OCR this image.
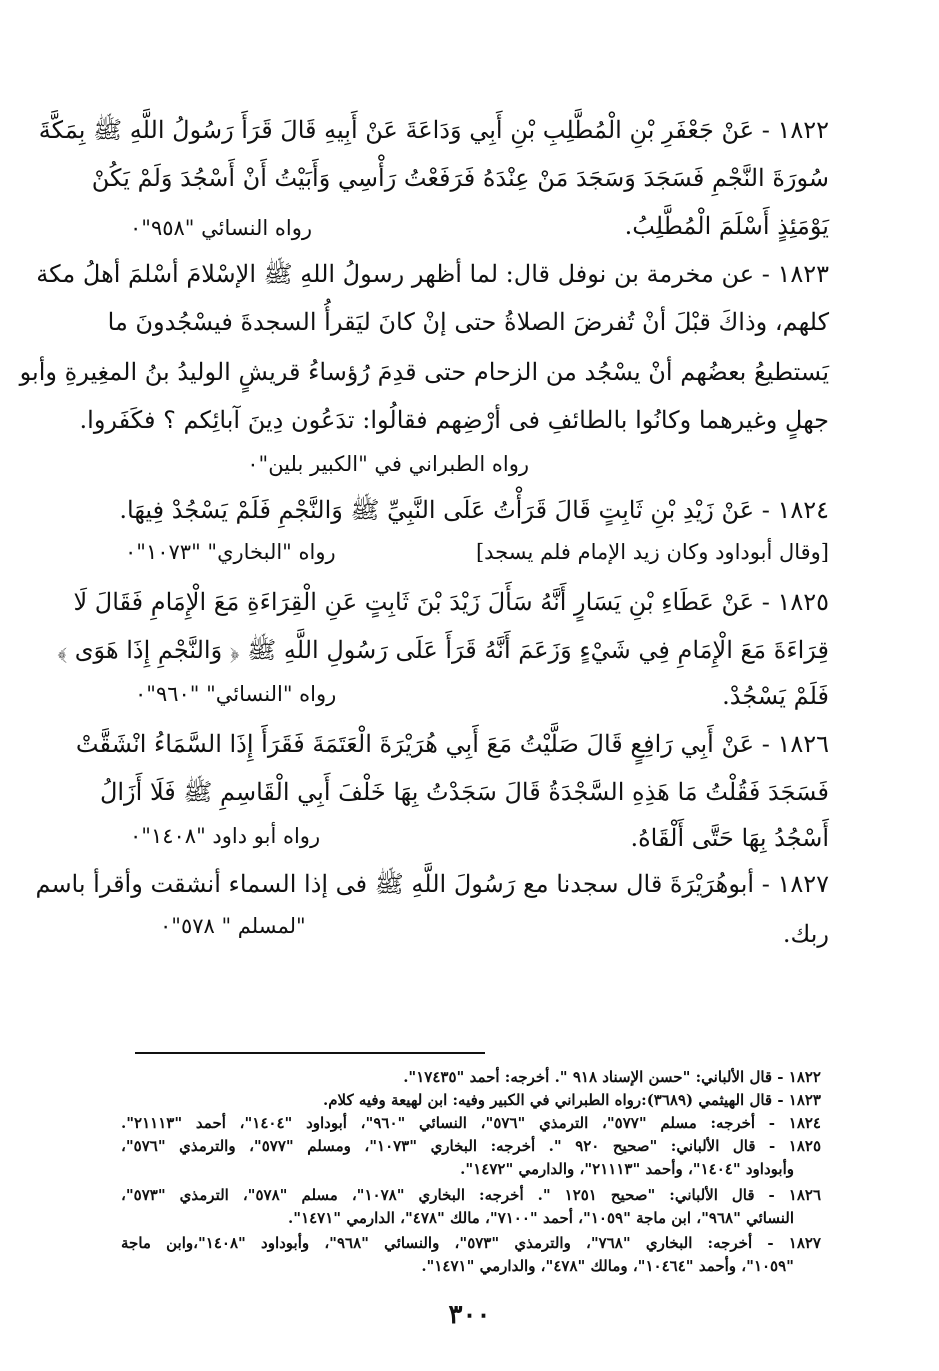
١٨٢٢ - عَنْ جَعْفَرِ بْنِ الْمُطَّلِبِ بْنِ أَبِي وَدَاعَةَ عَنْ أَبِيهِ قَالَ قَرَأَ رَسُولُ اللَّهِ ﷺ بِمَكَّةَ
سُورَةَ النَّجْمِ فَسَجَدَ وَسَجَدَ مَنْ عِنْدَهُ فَرَفَعْتُ رَأْسِي وَأَبَيْتُ أَنْ أَسْجُدَ وَلَمْ يَكُنْ
يَوْمَئِذٍ أَسْلَمَ الْمُطَّلِبُ.
رواه النسائي "٩٥٨"٠
١٨٢٣ - عن مخرمة بن نوفل قال: لما أظهر رسولُ اللهِ ﷺ الإسْلامَ أسْلمَ أهلُ مكة
كلهم، وذاكَ قبْلَ أنْ تُفرضَ الصلاةُ حتى إنْ كانَ ليَقرأُ السجدةَ فيسْجُدونَ ما
يَستطيعُ بعضُهم أنْ يسْجُد من الزحام حتى قدِمَ رُؤساءُ قريشٍ الوليدُ بنُ المغِيرةِ وأبو
جهلٍ وغيرهما وكانُوا بالطائفِ فى أرْضِهم فقالُوا: تدَعُون دِينَ آبائِكم ؟ فكَفَروا.
رواه الطبراني في "الكبير بلين"٠
١٨٢٤ - عَنْ زَيْدِ بْنِ ثَابِتٍ قَالَ قَرَأْتُ عَلَى النَّبِيِّ ﷺ وَالنَّجْمِ فَلَمْ يَسْجُدْ فِيهَا.
[وقال أبوداود وكان زيد الإمام فلم يسجد]
رواه "البخاري" "١٠٧٣"٠
١٨٢٥ - عَنْ عَطَاءِ بْنِ يَسَارٍ أَنَّهُ سَأَلَ زَيْدَ بْنَ ثَابِتٍ عَنِ الْقِرَاءَةِ مَعَ الْإِمَامِ فَقَالَ لَا
قِرَاءَةَ مَعَ الْإِمَامِ فِي شَيْءٍ وَزَعَمَ أَنَّهُ قَرَأَ عَلَى رَسُولِ اللَّهِ ﷺ ﴿ وَالنَّجْمِ إِذَا هَوَى ﴾
فَلَمْ يَسْجُدْ.
رواه "النسائي" "٩٦٠"٠
١٨٢٦ - عَنْ أَبِي رَافِعٍ قَالَ صَلَّيْتُ مَعَ أَبِي هُرَيْرَةَ الْعَتَمَةَ فَقَرَأَ إِذَا السَّمَاءُ انْشَقَّتْ
فَسَجَدَ فَقُلْتُ مَا هَذِهِ السَّجْدَةُ قَالَ سَجَدْتُ بِهَا خَلْفَ أَبِي الْقَاسِمِ ﷺ فَلَا أَزَالُ
أَسْجُدُ بِهَا حَتَّى أَلْقَاهُ.
رواه أبو داود "١٤٠٨"٠
١٨٢٧ - أبوهُرَيْرَةَ قال سجدنا مع رَسُولَ اللَّهِ ﷺ فى إذا السماء أنشقت وأقرأ باسم
ربك.
"لمسلم " ٥٧٨"٠
١٨٢٢ - قال الألباني: "حسن الإسناد ٩١٨ ". أخرجه: أحمد "١٧٤٣٥".
١٨٢٣ - قال الهيثمي (٣٦٨٩):رواه الطبراني في الكبير وفيه: ابن لهيعة وفيه كلام.
١٨٢٤ - أخرجه: مسلم "٥٧٧"، الترمذي "٥٧٦"، النسائي "٩٦٠"، أبوداود "١٤٠٤"، أحمد "٢١١١٣".
١٨٢٥ - قال الألباني: "صحيح ٩٢٠ ". أخرجه: البخاري "١٠٧٣"، ومسلم "٥٧٧"، والترمذي "٥٧٦"،
وأبوداود "١٤٠٤"، وأحمد "٢١١١٣"، والدارمي "١٤٧٢".
١٨٢٦ - قال الألباني: "صحيح ١٢٥١ ". أخرجه: البخاري "١٠٧٨"، مسلم "٥٧٨"، الترمذي "٥٧٣"،
النسائي "٩٦٨"، ابن ماجة "١٠٥٩"، أحمد "٧١٠٠"، مالك "٤٧٨"، الدارمي "١٤٧١".
١٨٢٧ - أخرجه: البخاري "٧٦٨"، والترمذي "٥٧٣"، والنسائي "٩٦٨"، وأبوداود "١٤٠٨"،وابن ماجة
"١٠٥٩"، وأحمد "١٠٤٦٤"، ومالك "٤٧٨"، والدارمي "١٤٧١".
٣٠٠
